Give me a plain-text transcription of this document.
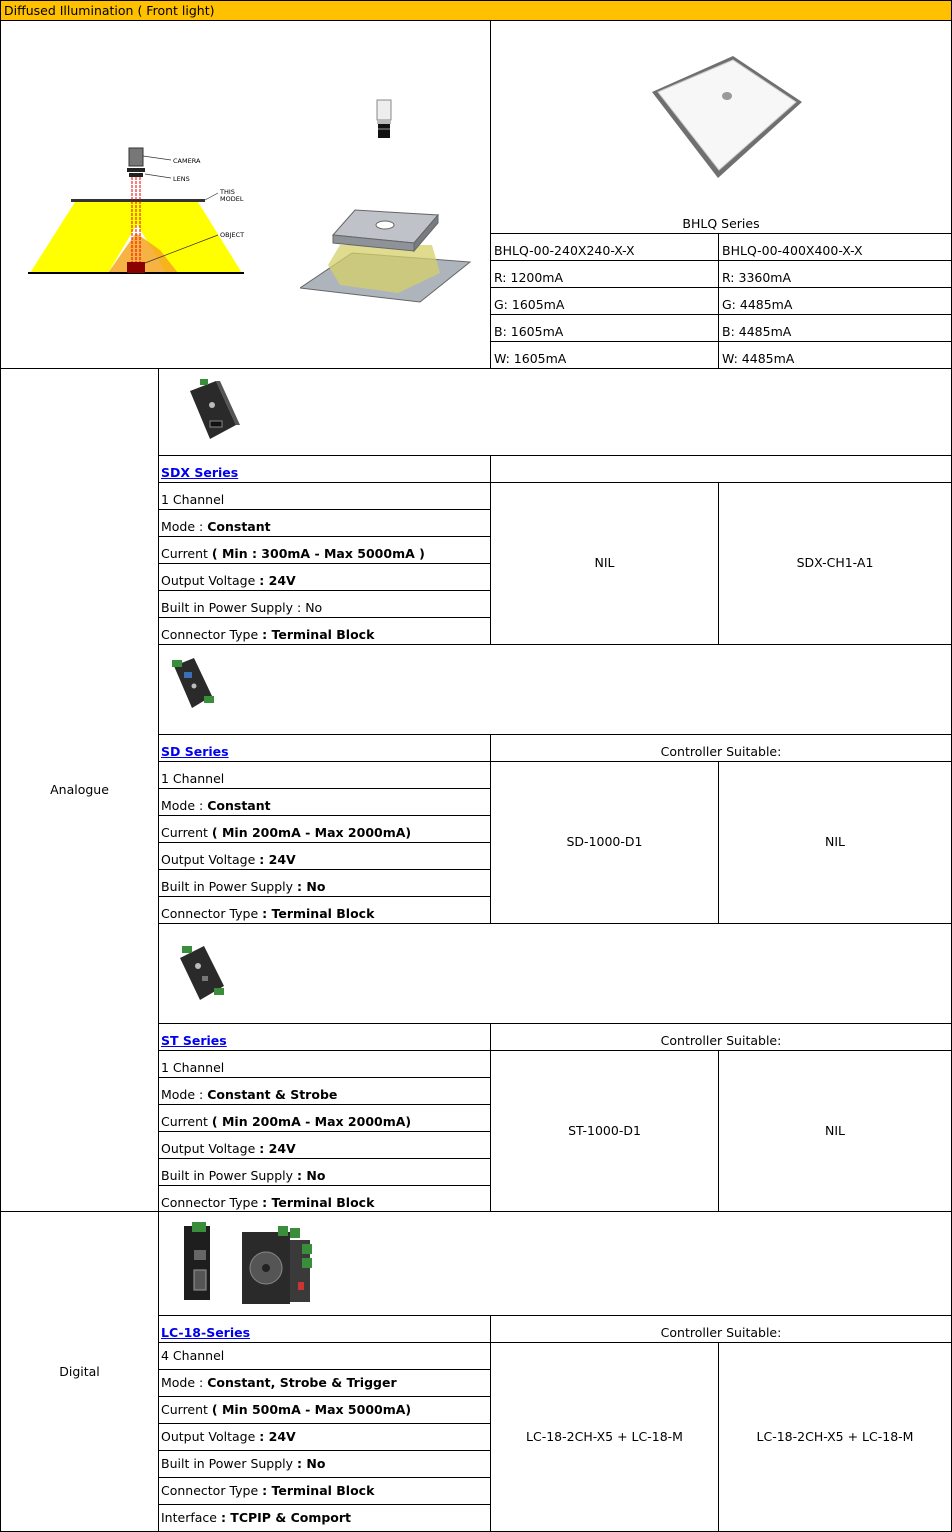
Diffused Illumination ( Front light)
CAMERA
LENS
THIS
MODEL
OBJECT
BHLQ Series
BHLQ-00-240X240-X-X	BHLQ-00-400X400-X-X
R: 1200mA	R: 3360mA
G: 1605mA	G: 4485mA
B: 1605mA	B: 4485mA
W: 1605mA	W: 4485mA
Analogue
Digital
SDX Series
1 Channel
Mode : Constant
Current ( Min : 300mA - Max 5000mA )
Output Voltage : 24V
Built in Power Supply : No
Connector Type : Terminal Block
NIL	SDX-CH1-A1
SD Series	Controller Suitable:
1 Channel
Mode : Constant
Current ( Min 200mA - Max 2000mA)
Output Voltage : 24V
Built in Power Supply : No
Connector Type : Terminal Block
SD-1000-D1	NIL
ST Series	Controller Suitable:
1 Channel
Mode : Constant & Strobe
Current ( Min 200mA - Max 2000mA)
Output Voltage : 24V
Built in Power Supply : No
Connector Type : Terminal Block
ST-1000-D1	NIL
LC-18-Series	Controller Suitable:
4 Channel
Mode : Constant, Strobe & Trigger
Current ( Min 500mA - Max 5000mA)
Output Voltage : 24V
Built in Power Supply : No
Connector Type : Terminal Block
Interface : TCPIP & Comport
LC-18-2CH-X5 + LC-18-M	LC-18-2CH-X5 + LC-18-M
